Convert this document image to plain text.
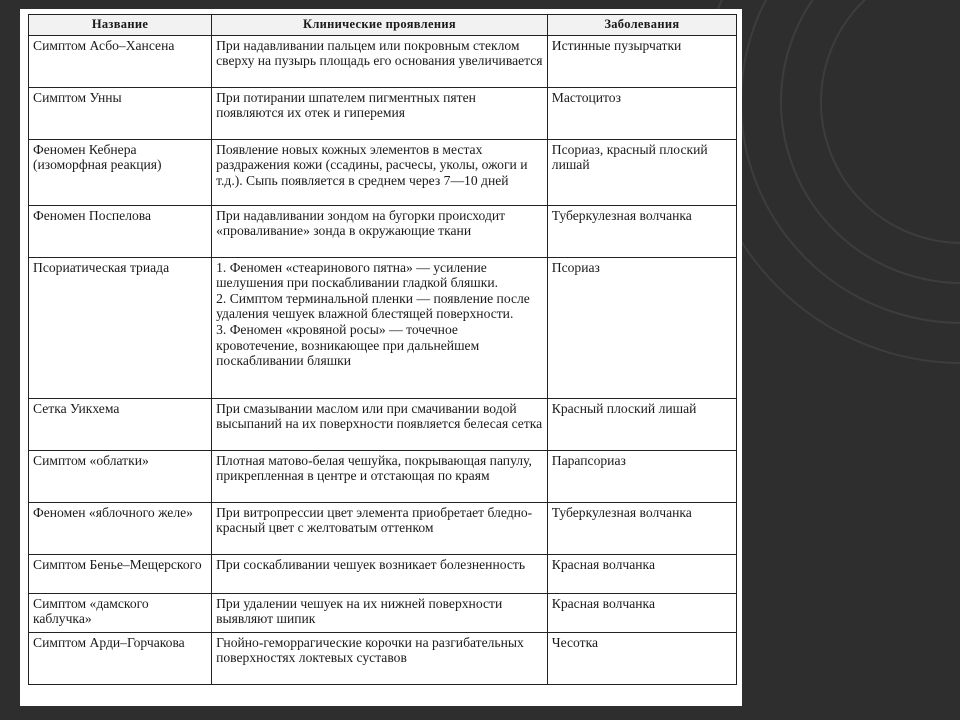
Название	Клинические проявления	Заболевания
Симптом Асбо–Хансена	При надавливании пальцем или покровным стеклом сверху на пузырь площадь его основания увеличивается	Истинные пузырчатки
Симптом Унны	При потирании шпателем пигментных пятен появляются их отек и гиперемия	Мастоцитоз
Феномен Кебнера (изоморфная реакция)	Появление новых кожных элементов в местах раздражения кожи (ссадины, расчесы, уколы, ожоги и т.д.). Сыпь появляется в среднем через 7—10 дней	Псориаз, красный плоский лишай
Феномен Поспелова	При надавливании зондом на бугорки происходит «проваливание» зонда в окружающие ткани	Туберкулезная волчанка
Псориатическая триада	1. Феномен «стеаринового пятна» — усиление шелушения при поскабливании гладкой бляшки.
2. Симптом терминальной пленки — появление после удаления чешуек влажной блестящей поверхности.
3. Феномен «кровяной росы» — точечное кровотечение, возникающее при дальнейшем поскабливании бляшки	Псориаз
Сетка Уикхема	При смазывании маслом или при смачивании водой высыпаний на их поверхности появляется белесая сетка	Красный плоский лишай
Симптом «облатки»	Плотная матово-белая чешуйка, покрывающая папулу, прикрепленная в центре и отстающая по краям	Парапсориаз
Феномен «яблочного желе»	При витропрессии цвет элемента приобретает бледно-красный цвет с желтоватым оттенком	Туберкулезная волчанка
Симптом Бенье–Мещерского	При соскабливании чешуек возникает болезненность	Красная волчанка
Симптом «дамского каблучка»	При удалении чешуек на их нижней поверхности выявляют шипик	Красная волчанка
Симптом Арди–Горчакова	Гнойно-геморрагические корочки на разгибательных поверхностях локтевых суставов	Чесотка
